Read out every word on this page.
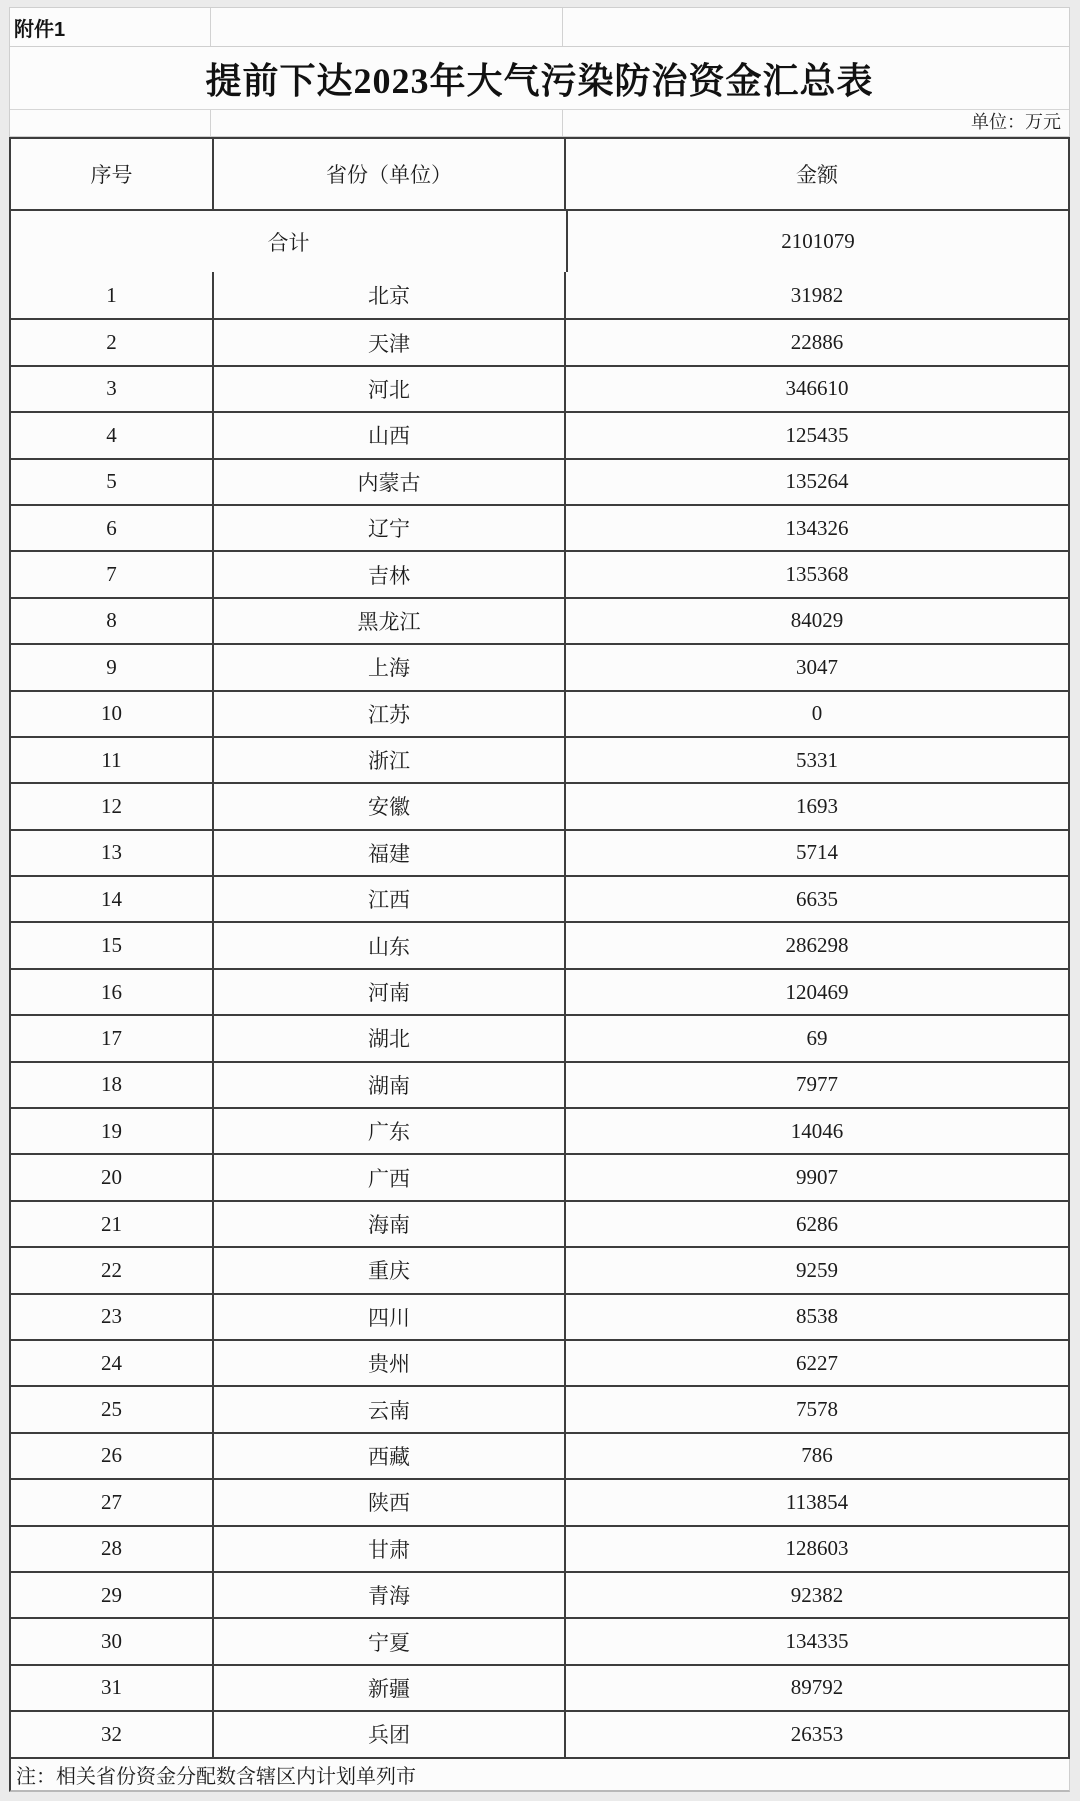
附件1
提前下达2023年大气污染防治资金汇总表
单位：万元
序号	省份（单位）	金额
合计	2101079
1	北京	31982
2	天津	22886
3	河北	346610
4	山西	125435
5	内蒙古	135264
6	辽宁	134326
7	吉林	135368
8	黑龙江	84029
9	上海	3047
10	江苏	0
11	浙江	5331
12	安徽	1693
13	福建	5714
14	江西	6635
15	山东	286298
16	河南	120469
17	湖北	69
18	湖南	7977
19	广东	14046
20	广西	9907
21	海南	6286
22	重庆	9259
23	四川	8538
24	贵州	6227
25	云南	7578
26	西藏	786
27	陕西	113854
28	甘肃	128603
29	青海	92382
30	宁夏	134335
31	新疆	89792
32	兵团	26353
注：相关省份资金分配数含辖区内计划单列市
